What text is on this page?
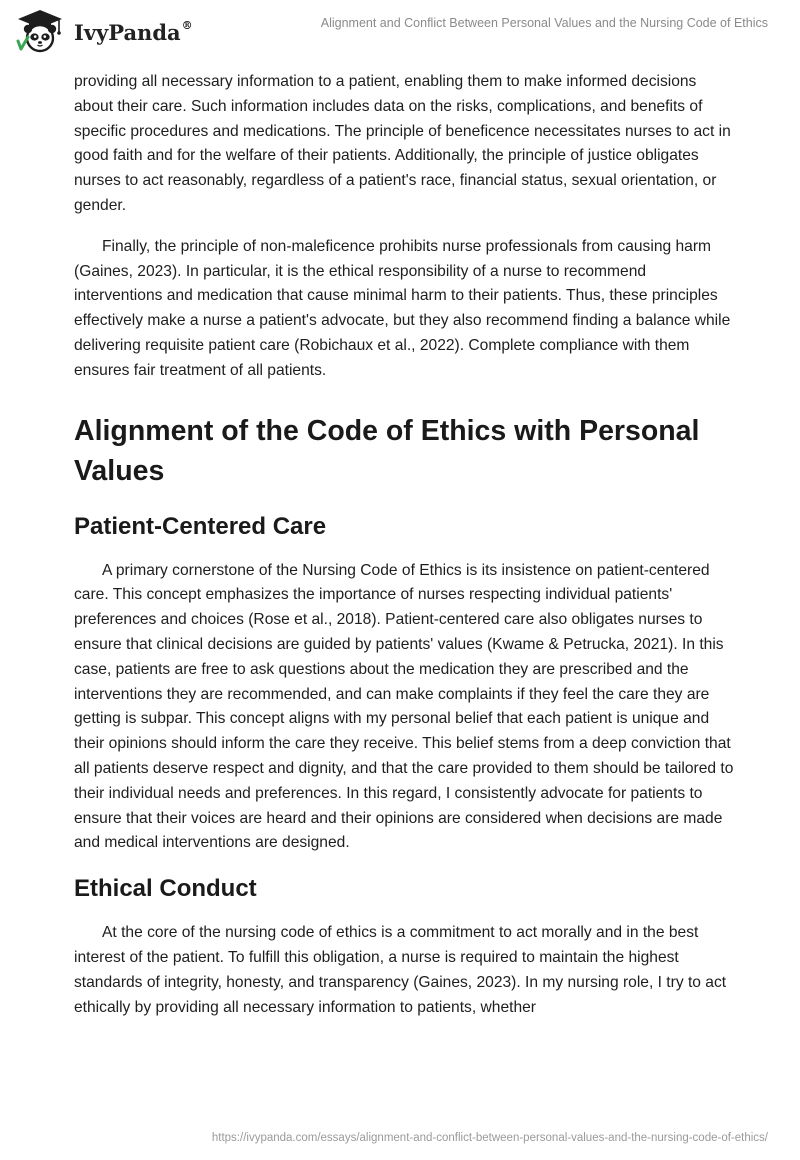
IvyPanda®	Alignment and Conflict Between Personal Values and the Nursing Code of Ethics

providing all necessary information to a patient, enabling them to make informed decisions about their care. Such information includes data on the risks, complications, and benefits of specific procedures and medications. The principle of beneficence necessitates nurses to act in good faith and for the welfare of their patients. Additionally, the principle of justice obligates nurses to act reasonably, regardless of a patient's race, financial status, sexual orientation, or gender.

Finally, the principle of non-maleficence prohibits nurse professionals from causing harm (Gaines, 2023). In particular, it is the ethical responsibility of a nurse to recommend interventions and medication that cause minimal harm to their patients. Thus, these principles effectively make a nurse a patient's advocate, but they also recommend finding a balance while delivering requisite patient care (Robichaux et al., 2022). Complete compliance with them ensures fair treatment of all patients.

Alignment of the Code of Ethics with Personal Values
Patient-Centered Care

A primary cornerstone of the Nursing Code of Ethics is its insistence on patient-centered care. This concept emphasizes the importance of nurses respecting individual patients' preferences and choices (Rose et al., 2018). Patient-centered care also obligates nurses to ensure that clinical decisions are guided by patients' values (Kwame & Petrucka, 2021). In this case, patients are free to ask questions about the medication they are prescribed and the interventions they are recommended, and can make complaints if they feel the care they are getting is subpar. This concept aligns with my personal belief that each patient is unique and their opinions should inform the care they receive. This belief stems from a deep conviction that all patients deserve respect and dignity, and that the care provided to them should be tailored to their individual needs and preferences. In this regard, I consistently advocate for patients to ensure that their voices are heard and their opinions are considered when decisions are made and medical interventions are designed.

Ethical Conduct

At the core of the nursing code of ethics is a commitment to act morally and in the best interest of the patient. To fulfill this obligation, a nurse is required to maintain the highest standards of integrity, honesty, and transparency (Gaines, 2023). In my nursing role, I try to act ethically by providing all necessary information to patients, whether

https://ivypanda.com/essays/alignment-and-conflict-between-personal-values-and-the-nursing-code-of-ethics/
